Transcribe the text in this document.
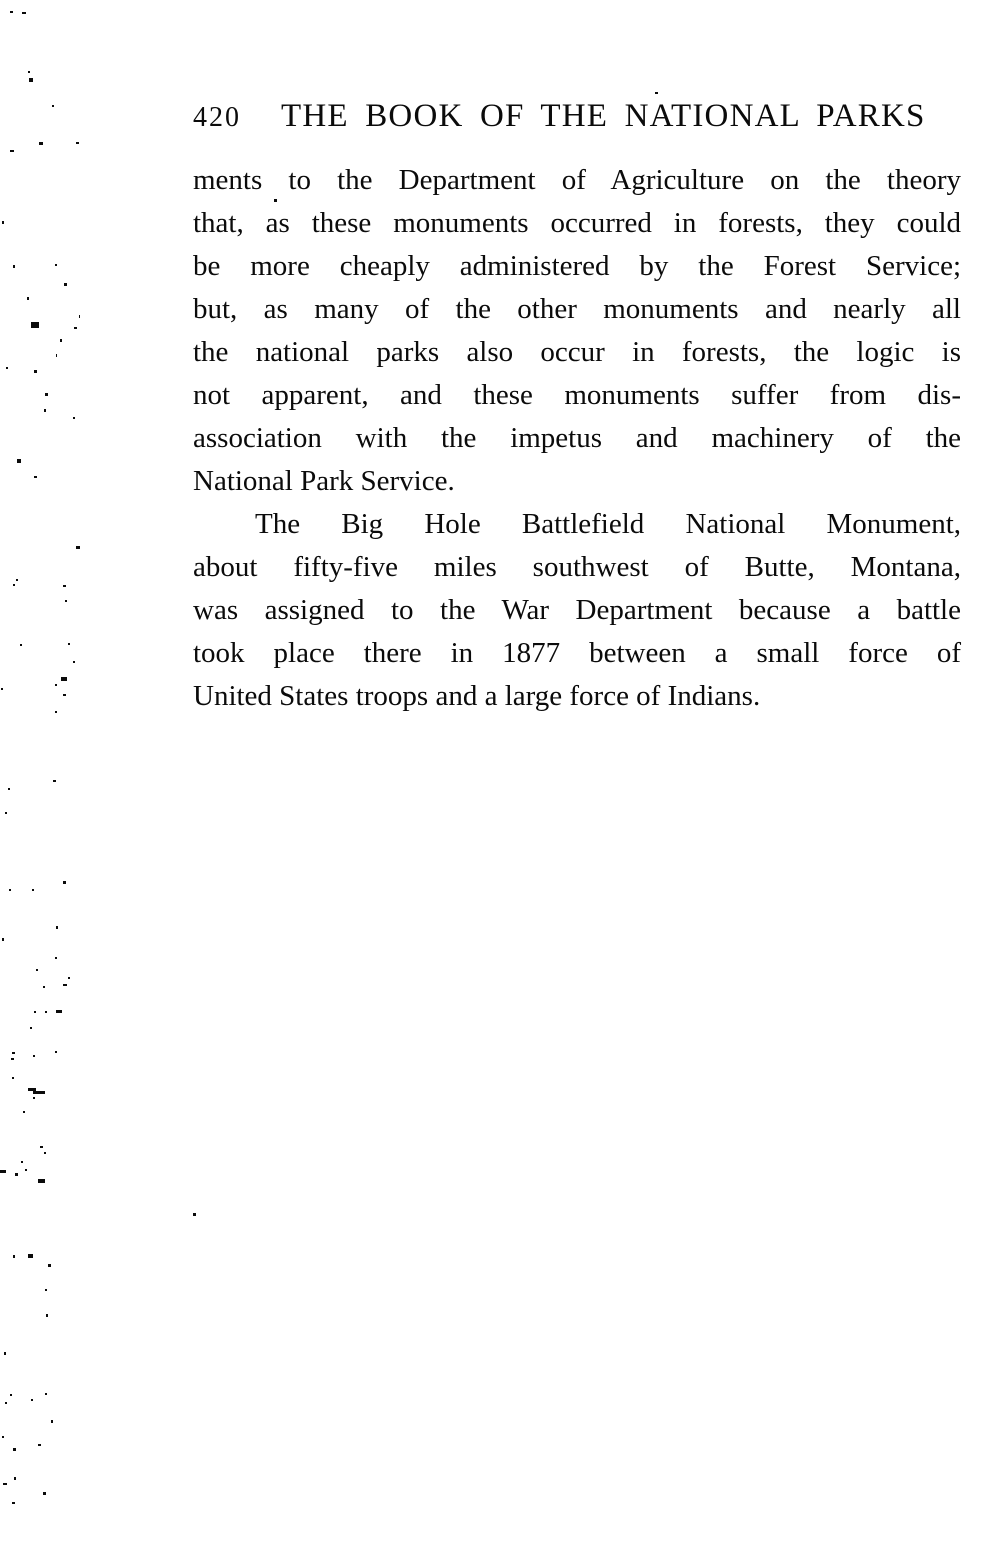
420 THE BOOK OF THE NATIONAL PARKS
ments to the Department of Agriculture on the theory
that, as these monuments occurred in forests, they could
be more cheaply administered by the Forest Service;
but, as many of the other monuments and nearly all
the national parks also occur in forests, the logic is
not apparent, and these monuments suffer from dis-
association with the impetus and machinery of the
National Park Service.
The Big Hole Battlefield National Monument,
about fifty-five miles southwest of Butte, Montana,
was assigned to the War Department because a battle
took place there in 1877 between a small force of
United States troops and a large force of Indians.
